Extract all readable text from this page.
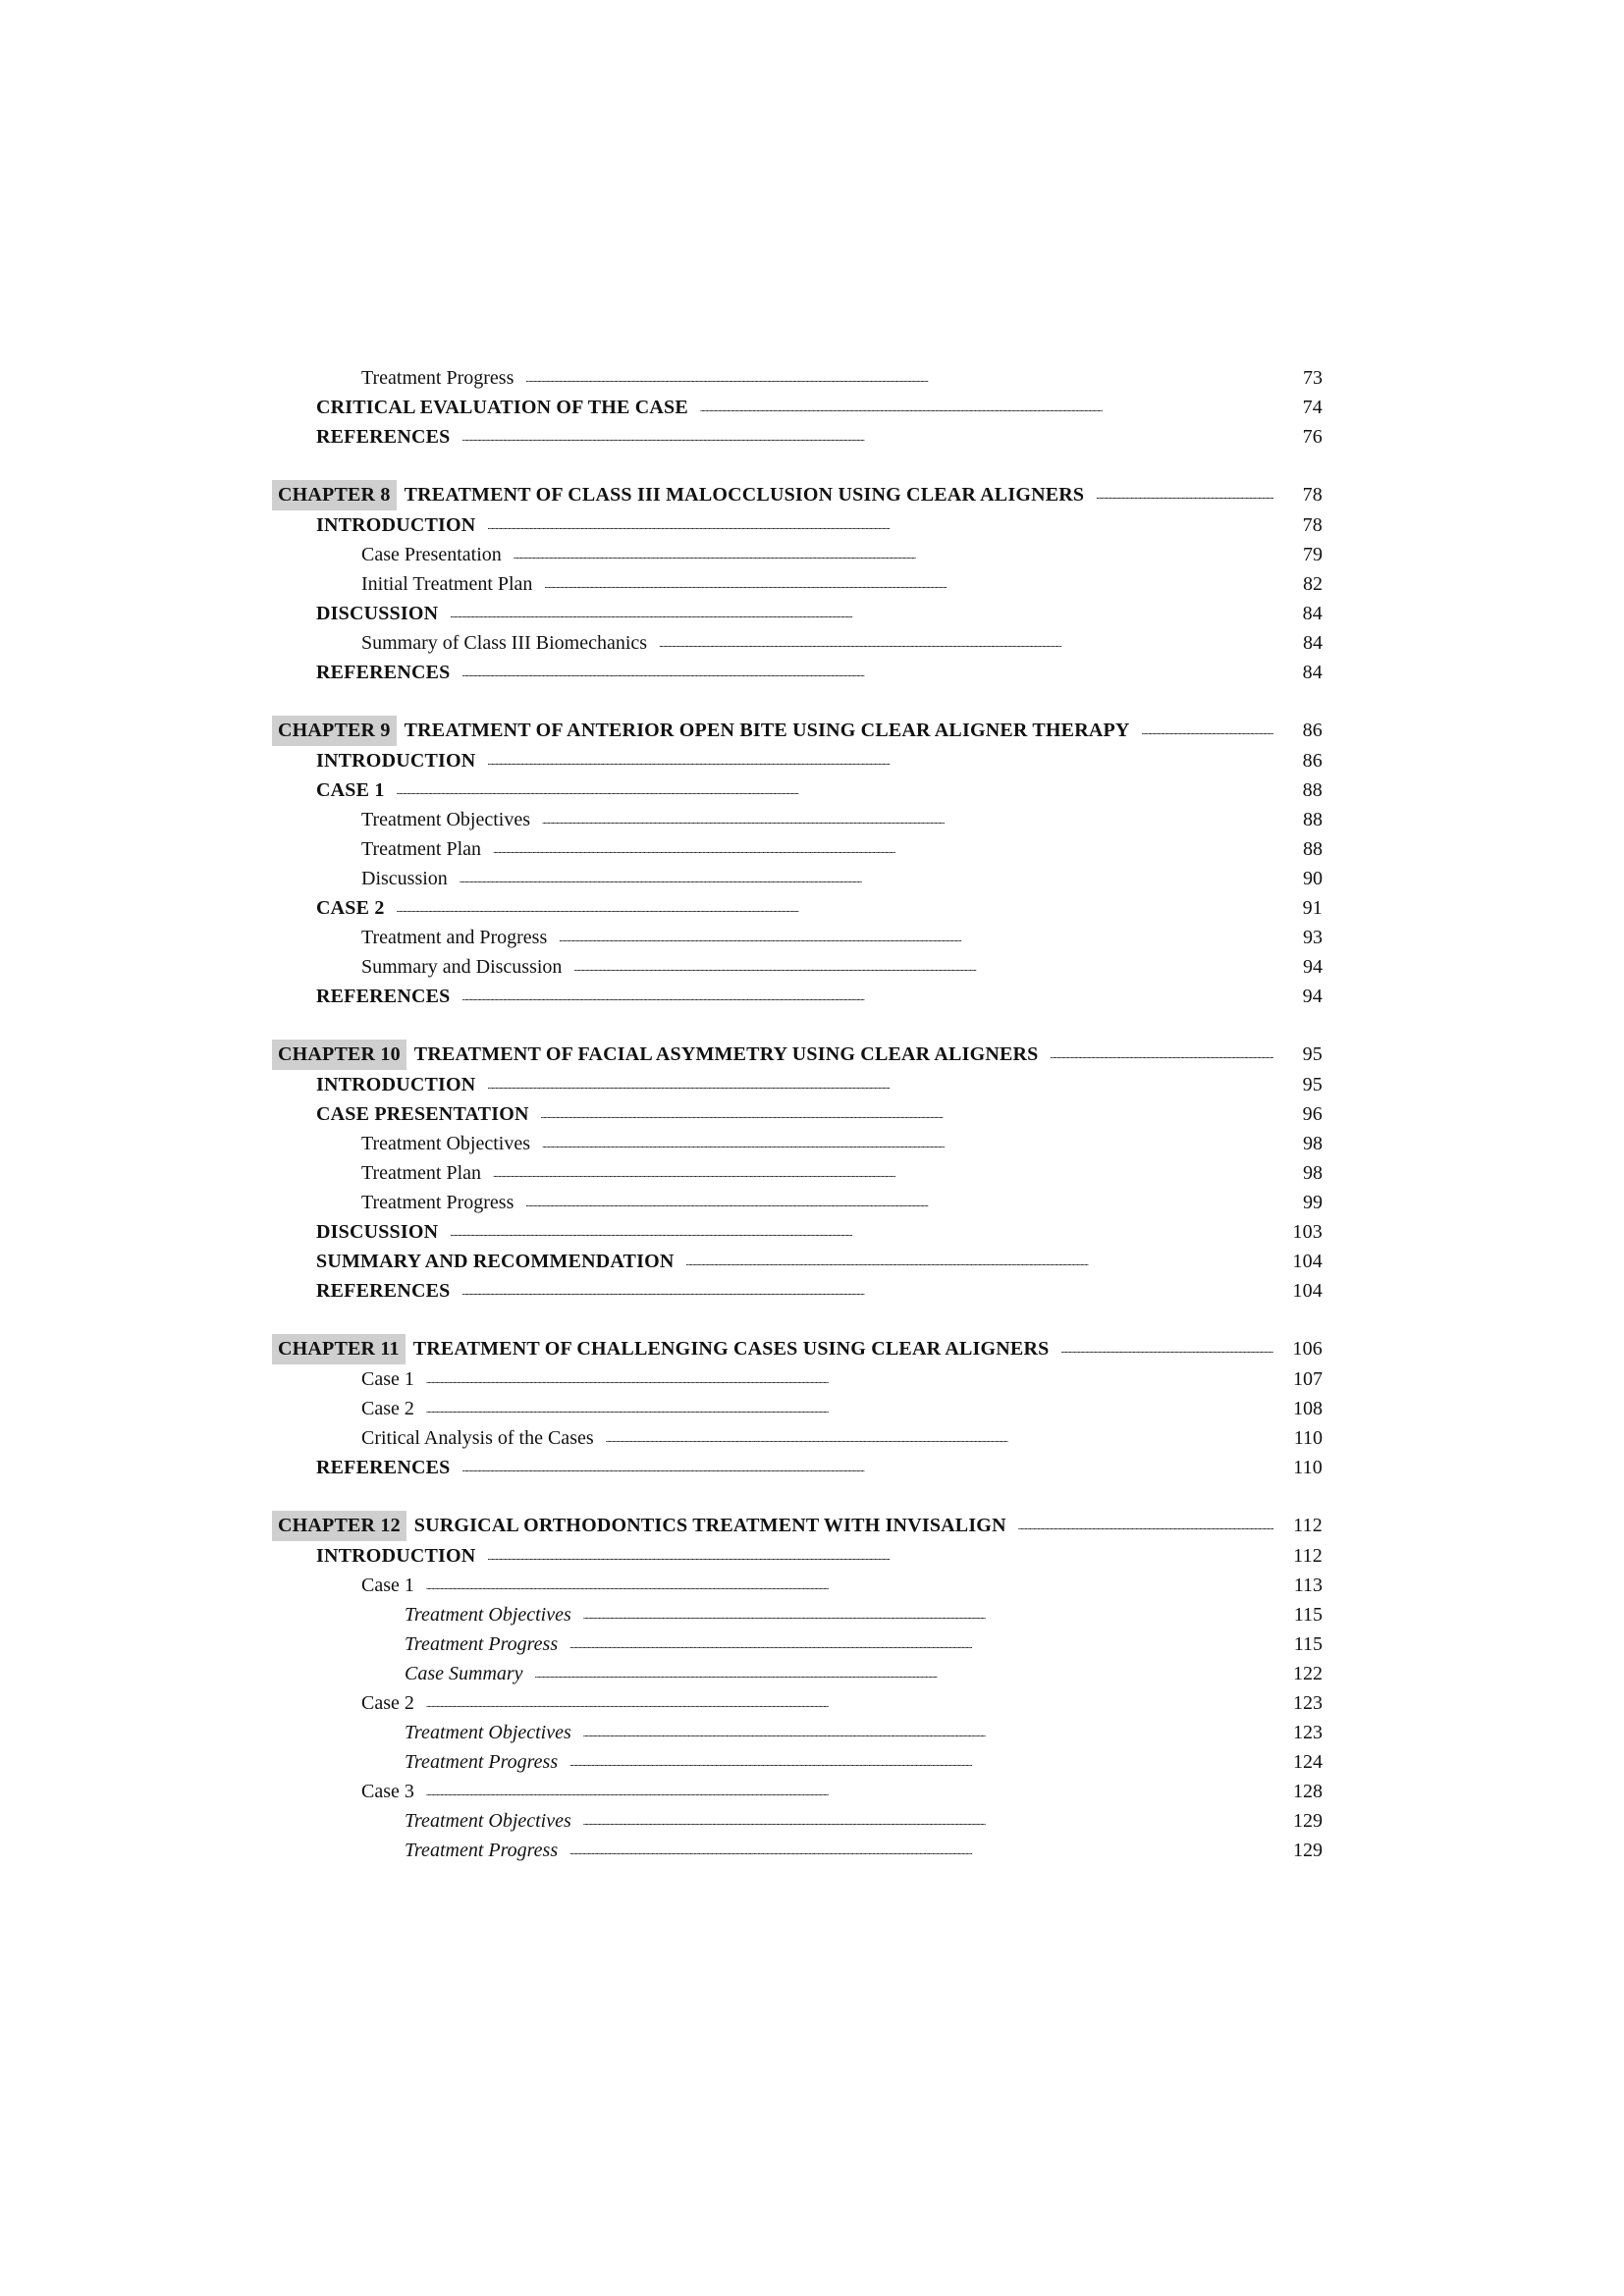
Treatment Progress . . .	73
CRITICAL EVALUATION OF THE CASE . . .	74
REFERENCES . . .	76
CHAPTER 8 TREATMENT OF CLASS III MALOCCLUSION USING CLEAR ALIGNERS . . .	78
INTRODUCTION . . .	78
Case Presentation . . .	79
Initial Treatment Plan . . .	82
DISCUSSION . . .	84
Summary of Class III Biomechanics . . .	84
REFERENCES . . .	84
CHAPTER 9 TREATMENT OF ANTERIOR OPEN BITE USING CLEAR ALIGNER THERAPY . . .	86
INTRODUCTION . . .	86
CASE 1 . . .	88
Treatment Objectives . . .	88
Treatment Plan . . .	88
Discussion . . .	90
CASE 2 . . .	91
Treatment and Progress . . .	93
Summary and Discussion . . .	94
REFERENCES . . .	94
CHAPTER 10 TREATMENT OF FACIAL ASYMMETRY USING CLEAR ALIGNERS . . .	95
INTRODUCTION . . .	95
CASE PRESENTATION . . .	96
Treatment Objectives . . .	98
Treatment Plan . . .	98
Treatment Progress . . .	99
DISCUSSION . . .	103
SUMMARY AND RECOMMENDATION . . .	104
REFERENCES . . .	104
CHAPTER 11 TREATMENT OF CHALLENGING CASES USING CLEAR ALIGNERS . . .	106
Case 1 . . .	107
Case 2 . . .	108
Critical Analysis of the Cases . . .	110
REFERENCES . . .	110
CHAPTER 12 SURGICAL ORTHODONTICS TREATMENT WITH INVISALIGN . . .	112
INTRODUCTION . . .	112
Case 1 . . .	113
Treatment Objectives . . .	115
Treatment Progress . . .	115
Case Summary . . .	122
Case 2 . . .	123
Treatment Objectives . . .	123
Treatment Progress . . .	124
Case 3 . . .	128
Treatment Objectives . . .	129
Treatment Progress . . .	129
